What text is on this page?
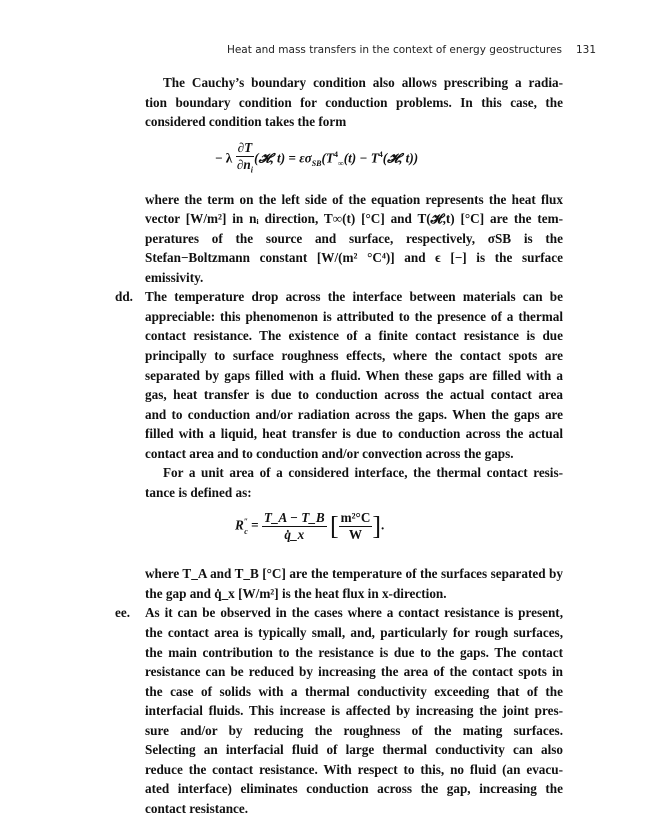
Heat and mass transfers in the context of energy geostructures 131
The Cauchy’s boundary condition also allows prescribing a radia-
tion boundary condition for conduction problems. In this case, the
considered condition takes the form
− λ $\frac{\partial T}{\partial n_i}$ (𝓗, $t) = \varepsilon\sigma_{SB}(T^4_\infty(t)$ − $T^4(𝓗$, t))
where the term on the left side of the equation represents the heat flux
vector [W/m²] in nᵢ direction, T∞(t) [°C] and T(𝓗,t) [°C] are the tem-
peratures of the source and surface, respectively, σSB is the
Stefan−Boltzmann constant [W/(m² °C⁴)] and ϵ [−] is the surface
emissivity.
dd. The temperature drop across the interface between materials can be
appreciable: this phenomenon is attributed to the presence of a thermal
contact resistance. The existence of a finite contact resistance is due
principally to surface roughness effects, where the contact spots are
separated by gaps filled with a fluid. When these gaps are filled with a
gas, heat transfer is due to conduction across the actual contact area
and to conduction and/or radiation across the gaps. When the gaps are
filled with a liquid, heat transfer is due to conduction across the actual
contact area and to conduction and/or convection across the gaps.
For a unit area of a considered interface, the thermal contact resis-
tance is defined as:
$R''_c = \frac{T\_A - T\_B}{q̇\_x}$ [ $\frac{\text{m²°C}}{W}$ ].
where T_A and T_B [°C] are the temperature of the surfaces separated by
the gap and q̇_x [W/m²] is the heat flux in x-direction.
ee. As it can be observed in the cases where a contact resistance is present,
the contact area is typically small, and, particularly for rough surfaces,
the main contribution to the resistance is due to the gaps. The contact
resistance can be reduced by increasing the area of the contact spots in
the case of solids with a thermal conductivity exceeding that of the
interfacial fluids. This increase is affected by increasing the joint pres-
sure and/or by reducing the roughness of the mating surfaces.
Selecting an interfacial fluid of large thermal conductivity can also
reduce the contact resistance. With respect to this, no fluid (an evacu-
ated interface) eliminates conduction across the gap, increasing the
contact resistance.
